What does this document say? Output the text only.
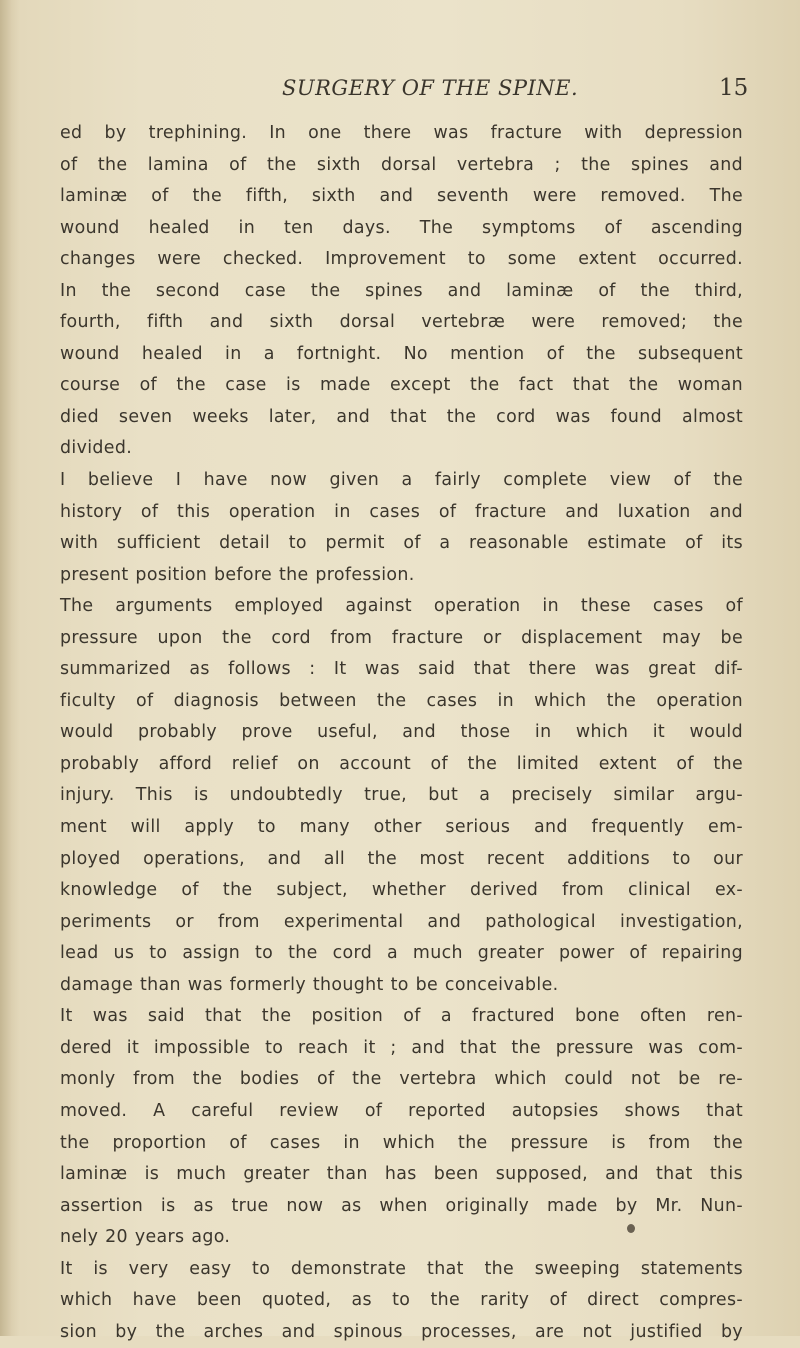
SURGERY OF THE SPINE.	15
ed by trephining. In one there was fracture with depression
of the lamina of the sixth dorsal vertebra ; the spines and
laminæ of the fifth, sixth and seventh were removed. The
wound healed in ten days. The symptoms of ascending
changes were checked. Improvement to some extent occurred.
In the second case the spines and laminæ of the third,
fourth, fifth and sixth dorsal vertebræ were removed; the
wound healed in a fortnight. No mention of the subsequent
course of the case is made except the fact that the woman
died seven weeks later, and that the cord was found almost
divided.
I believe I have now given a fairly complete view of the
history of this operation in cases of fracture and luxation and
with sufficient detail to permit of a reasonable estimate of its
present position before the profession.
The arguments employed against operation in these cases of
pressure upon the cord from fracture or displacement may be
summarized as follows : It was said that there was great dif-
ficulty of diagnosis between the cases in which the operation
would probably prove useful, and those in which it would
probably afford relief on account of the limited extent of the
injury. This is undoubtedly true, but a precisely similar argu-
ment will apply to many other serious and frequently em-
ployed operations, and all the most recent additions to our
knowledge of the subject, whether derived from clinical ex-
periments or from experimental and pathological investigation,
lead us to assign to the cord a much greater power of repairing
damage than was formerly thought to be conceivable.
It was said that the position of a fractured bone often ren-
dered it impossible to reach it ; and that the pressure was com-
monly from the bodies of the vertebra which could not be re-
moved. A careful review of reported autopsies shows that
the proportion of cases in which the pressure is from the
laminæ is much greater than has been supposed, and that this
assertion is as true now as when originally made by Mr. Nun-
nely 20 years ago.
It is very easy to demonstrate that the sweeping statements
which have been quoted, as to the rarity of direct compres-
sion by the arches and spinous processes, are not justified by
